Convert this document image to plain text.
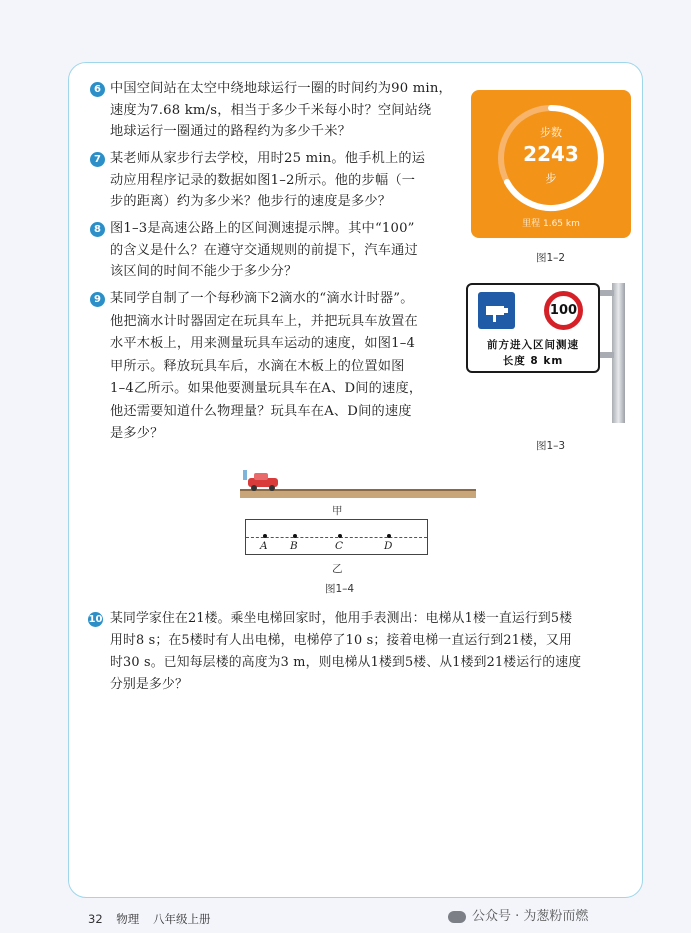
6 中国空间站在太空中绕地球运行一圈的时间约为90 min，
速度为7.68 km/s，相当于多少千米每小时？空间站绕
地球运行一圈通过的路程约为多少千米？
7 某老师从家步行去学校，用时25 min。他手机上的运
动应用程序记录的数据如图1–2所示。他的步幅（一
步的距离）约为多少米？他步行的速度是多少？
8 图1–3是高速公路上的区间测速提示牌。其中“100”
的含义是什么？在遵守交通规则的前提下，汽车通过
该区间的时间不能少于多少分？
9 某同学自制了一个每秒滴下2滴水的“滴水计时器”。
他把滴水计时器固定在玩具车上，并把玩具车放置在
水平木板上，用来测量玩具车运动的速度，如图1–4
甲所示。释放玩具车后，水滴在木板上的位置如图
1–4乙所示。如果他要测量玩具车在A、D间的速度，
他还需要知道什么物理量？玩具车在A、D间的速度
是多少？
步数
2243
步
里程 1.65 km
图1–2
100
前方进入区间测速
长度 8 km
图1–3
甲
A B	C	D
乙
图1–4
10 某同学家住在21楼。乘坐电梯回家时，他用手表测出：电梯从1楼一直运行到5楼
用时8 s；在5楼时有人出电梯，电梯停了10 s；接着电梯一直运行到21楼，又用
时30 s。已知每层楼的高度为3 m，则电梯从1楼到5楼、从1楼到21楼运行的速度
分别是多少？
32 物理 八年级上册	公众号 · 为葱粉而燃
